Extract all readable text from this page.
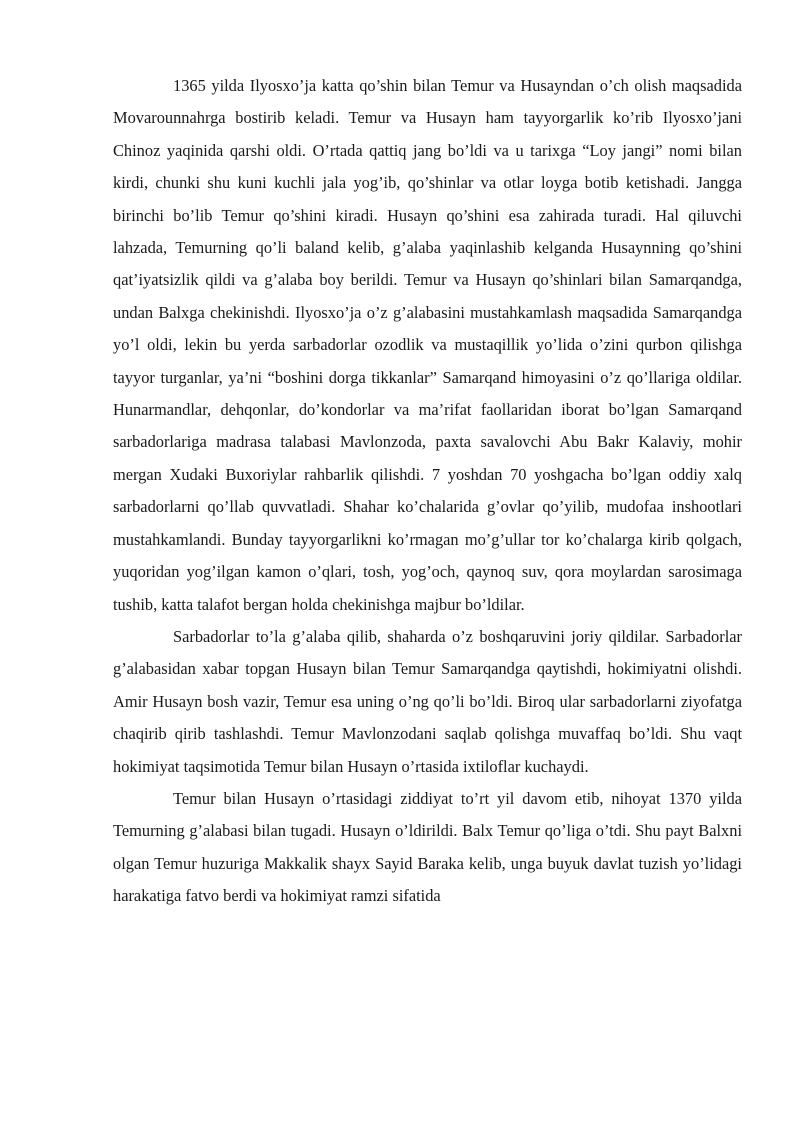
1365 yilda Ilyosxo’ja katta qo’shin bilan Temur va Husayndan o’ch olish maqsadida Movarounnahrga bostirib keladi. Temur va Husayn ham tayyorgarlik ko’rib Ilyosxo’jani Chinoz yaqinida qarshi oldi. O’rtada qattiq jang bo’ldi va u tarixga “Loy jangi” nomi bilan kirdi, chunki shu kuni kuchli jala yog’ib, qo’shinlar va otlar loyga botib ketishadi. Jangga birinchi bo’lib Temur qo’shini kiradi. Husayn qo’shini esa zahirada turadi. Hal qiluvchi lahzada, Temurning qo’li baland kelib, g’alaba yaqinlashib kelganda Husaynning qo’shini qat’iyatsizlik qildi va g’alaba boy berildi. Temur va Husayn qo’shinlari bilan Samarqandga, undan Balxga chekinishdi. Ilyosxo’ja o’z g’alabasini mustahkamlash maqsadida Samarqandga yo’l oldi, lekin bu yerda sarbadorlar ozodlik va mustaqillik yo’lida o’zini qurbon qilishga tayyor turganlar, ya’ni “boshini dorga tikkanlar” Samarqand himoyasini o’z qo’llariga oldilar. Hunarmandlar, dehqonlar, do’kondorlar va ma’rifat faollaridan iborat bo’lgan Samarqand sarbadorlariga madrasa talabasi Mavlonzoda, paxta savalovchi Abu Bakr Kalaviy, mohir mergan Xudaki Buxoriylar rahbarlik qilishdi. 7 yoshdan 70 yoshgacha bo’lgan oddiy xalq sarbadorlarni qo’llab quvvatladi. Shahar ko’chalarida g’ovlar qo’yilib, mudofaa inshootlari mustahkamlandi. Bunday tayyorgarlikni ko’rmagan mo’g’ullar tor ko’chalarga kirib qolgach, yuqoridan yog’ilgan kamon o’qlari, tosh, yog’och, qaynoq suv, qora moylardan sarosimaga tushib, katta talafot bergan holda chekinishga majbur bo’ldilar.

Sarbadorlar to’la g’alaba qilib, shaharda o’z boshqaruvini joriy qildilar. Sarbadorlar g’alabasidan xabar topgan Husayn bilan Temur Samarqandga qaytishdi, hokimiyatni olishdi. Amir Husayn bosh vazir, Temur esa uning o’ng qo’li bo’ldi. Biroq ular sarbadorlarni ziyofatga chaqirib qirib tashlashdi. Temur Mavlonzodani saqlab qolishga muvaffaq bo’ldi. Shu vaqt hokimiyat taqsimotida Temur bilan Husayn o’rtasida ixtiloflar kuchaydi.

Temur bilan Husayn o’rtasidagi ziddiyat to’rt yil davom etib, nihoyat 1370 yilda Temurning g’alabasi bilan tugadi. Husayn o’ldirildi. Balx Temur qo’liga o’tdi. Shu payt Balxni olgan Temur huzuriga Makkalik shayx Sayid Baraka kelib, unga buyuk davlat tuzish yo’lidagi harakatiga fatvo berdi va hokimiyat ramzi sifatida
